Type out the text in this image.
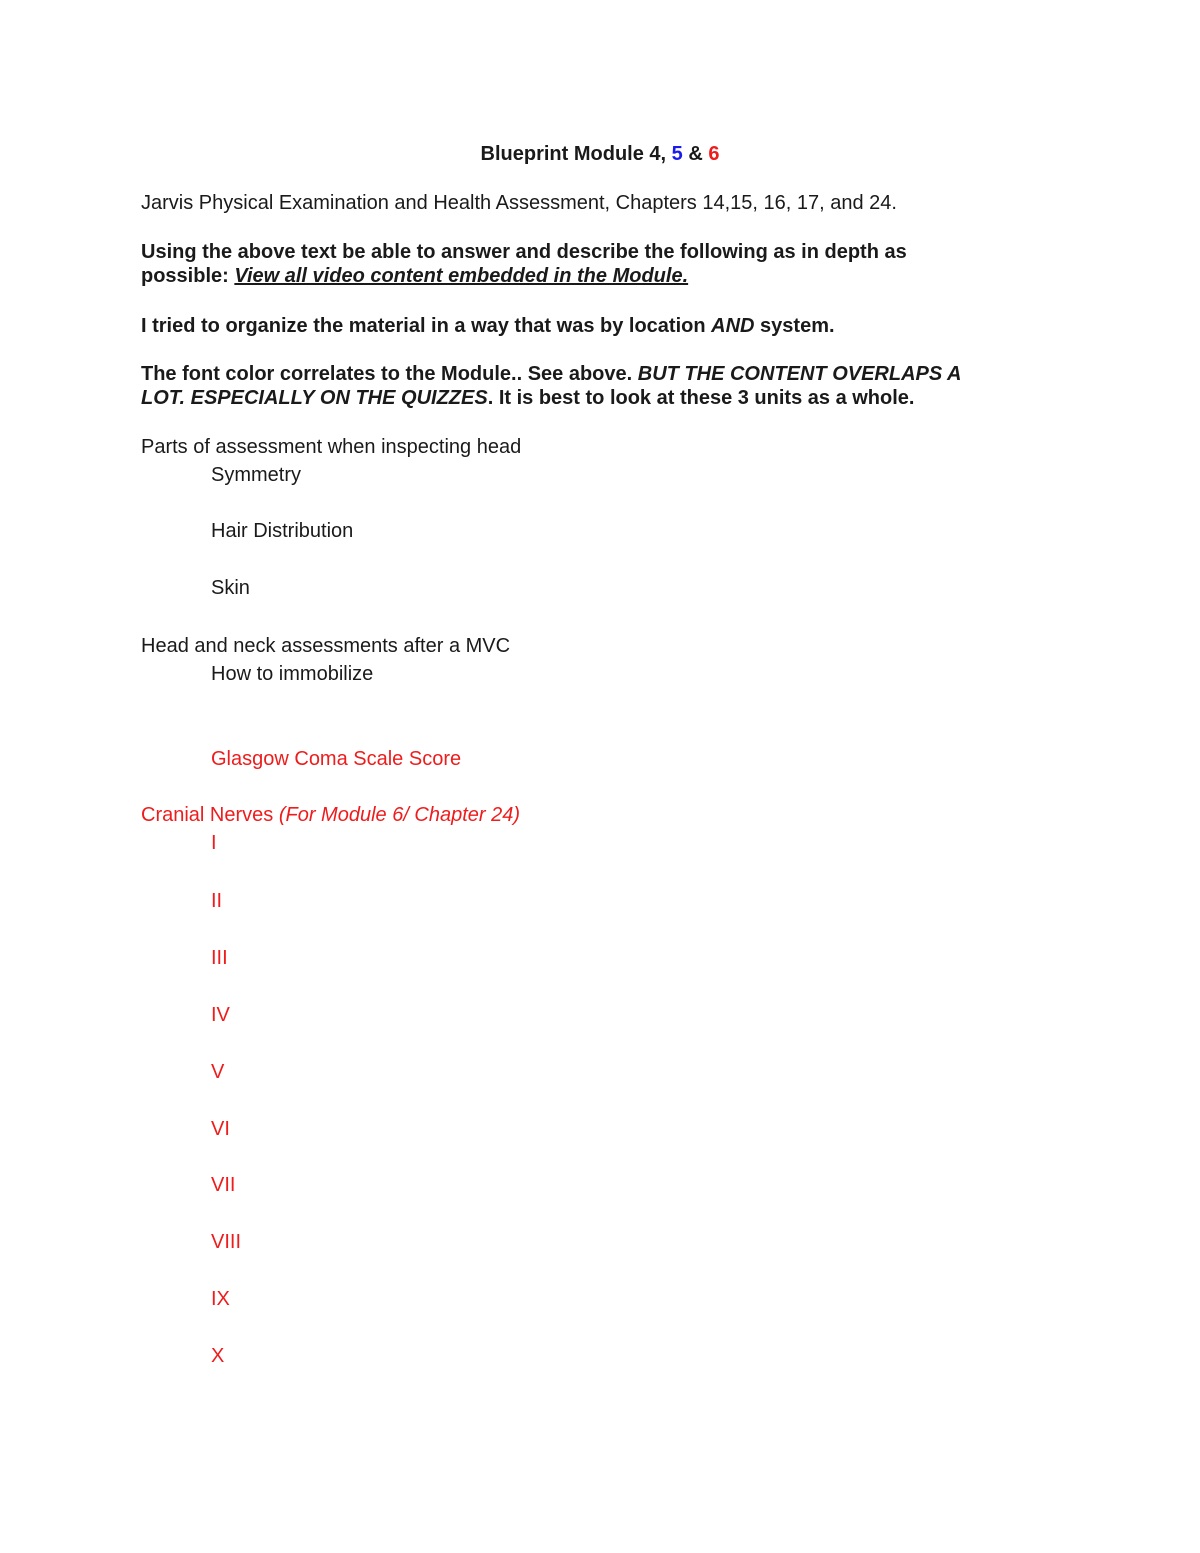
Blueprint Module 4, 5 & 6
Jarvis Physical Examination and Health Assessment, Chapters 14,15, 16, 17, and 24.
Using the above text be able to answer and describe the following as in depth as
possible: View all video content embedded in the Module.
I tried to organize the material in a way that was by location AND system.
The font color correlates to the Module.. See above. BUT THE CONTENT OVERLAPS A
LOT. ESPECIALLY ON THE QUIZZES. It is best to look at these 3 units as a whole.
Parts of assessment when inspecting head
Symmetry
Hair Distribution
Skin
Head and neck assessments after a MVC
How to immobilize
Glasgow Coma Scale Score
Cranial Nerves (For Module 6/ Chapter 24)
I
II
III
IV
V
VI
VII
VIII
IX
X
